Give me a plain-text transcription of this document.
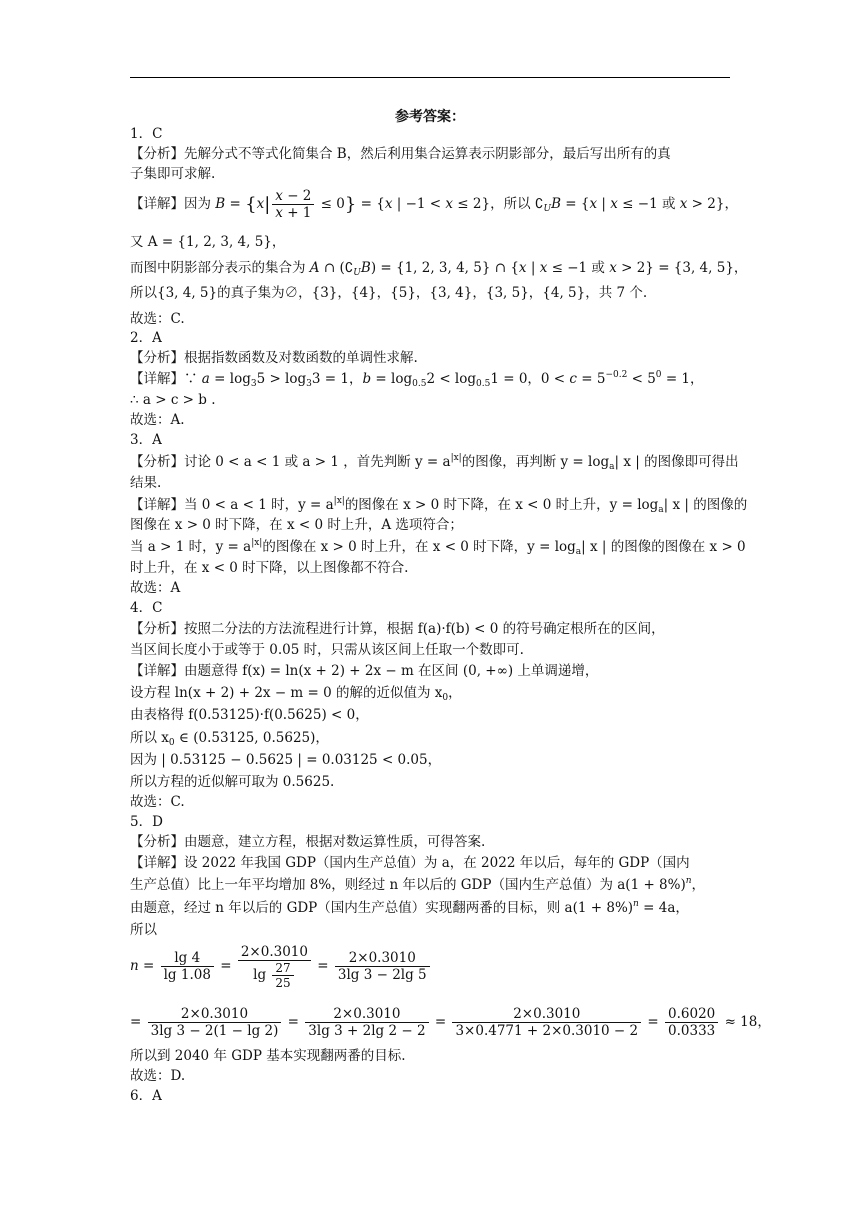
参考答案：
1．C
【分析】先解分式不等式化简集合 B，然后利用集合运算表示阴影部分，最后写出所有的真
子集即可求解.
【详解】因为 $B = \{x| \frac{x - 2}{x + 1} \le 0\} = \{x$ | −1 < x ≤ 2}，所以 $∁_UB = \{x$ | x ≤ −1 或 x > 2}，
又 A = {1, 2, 3, 4, 5}，
而图中阴影部分表示的集合为 A ∩ $(∁_UB) = \{1$, 2, 3, 4, 5} ∩ {x | x ≤ −1 或 x > 2} = {3, 4, 5}，
所以{3, 4, 5}的真子集为∅，{3}，{4}，{5}，{3, 4}，{3, 5}，{4, 5}，共 7 个.
故选：C.
2．A
【分析】根据指数函数及对数函数的单调性求解.
【详解】∵ $a = \log_35 > \log_33 = 1$，$b = \log_{0.5}2 < \log_{0.5}1 = 0$，$0 < c = 5^{-0.2} < 5^0 = 1$，
∴ a > c > b .
故选：A.
3．A
【分析】讨论 0 < a < 1 或 a > 1 ，首先判断 $y = a^{|x|}$的图像，再判断 $y = \log_a|$ x | 的图像即可得出
结果.
【详解】当 0 < a < 1 时，$y = a^{|x|}$的图像在 x > 0 时下降，在 x < 0 时上升，$y = \log_a|$ x | 的图像的
图像在 x > 0 时下降，在 x < 0 时上升，A 选项符合；
当 a > 1 时，$y = a^{|x|}$的图像在 x > 0 时上升，在 x < 0 时下降，$y = \log_a|$ x | 的图像的图像在 x > 0
时上升，在 x < 0 时下降，以上图像都不符合.
故选：A
4．C
【分析】按照二分法的方法流程进行计算，根据 f(a)·f(b) < 0 的符号确定根所在的区间，
当区间长度小于或等于 0.05 时，只需从该区间上任取一个数即可.
【详解】由题意得 f(x) = ln(x + 2) + 2x − m 在区间 (0, +∞) 上单调递增，
设方程 ln(x + 2) + 2x − m = 0 的解的近似值为 $x_0$，
由表格得 f(0.53125)·f(0.5625) < 0，
所以 $x_0$ ∈ (0.53125, 0.5625)，
因为 | 0.53125 − 0.5625 | = 0.03125 < 0.05，
所以方程的近似解可取为 0.5625.
故选：C.
5．D
【分析】由题意，建立方程，根据对数运算性质，可得答案.
【详解】设 2022 年我国 GDP（国内生产总值）为 a，在 2022 年以后，每年的 GDP（国内
生产总值）比上一年平均增加 8%，则经过 n 年以后的 GDP（国内生产总值）为 $a(1 + 8\%)^n$，
由题意，经过 n 年以后的 GDP（国内生产总值）实现翻两番的目标，则 $a(1 + 8\%)^n = 4a$，
所以
$n = \frac{\lg 4}{\lg 1.08} = \frac{2\times 0.3010}{\lg \frac{27}{25}} = \frac{2\times 0.3010}{3\lg 3 - 2\lg 5}$
= $\frac{2\times 0.3010}{3\lg 3 - 2(1 - \lg 2)} = \frac{2\times 0.3010}{3\lg 3 + 2\lg 2 - 2} = \frac{2\times 0.3010}{3\times 0.4771 + 2\times 0.3010 - 2} = \frac{0.6020}{0.0333} \approx 18$，
所以到 2040 年 GDP 基本实现翻两番的目标.
故选：D.
6．A
